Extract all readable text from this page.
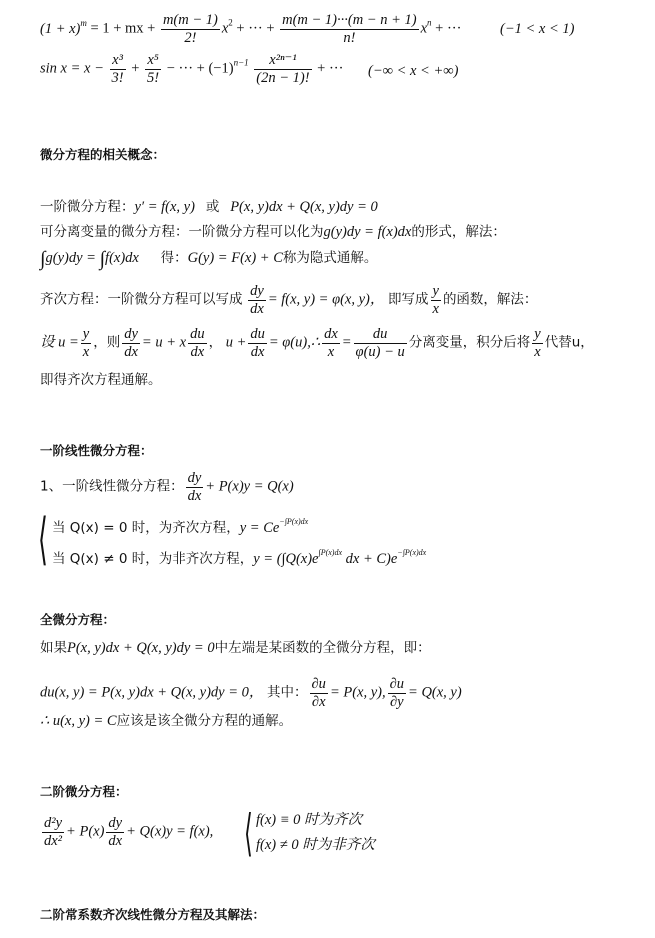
$(1 + x)^m = 1$ + mx + $\frac{m(m - 1)}{2!} x^2$ + ··· + $\frac{m(m - 1)\cdot\cdot\cdot(m - n + 1)}{n!} x^n$ + ···	(−1 < x < 1)
$\sin x = x - \frac{\text{x³}}{3!} + \frac{\text{x⁵}}{5!}$ − ··· + $(-1)^{n-1} \frac{\text{x²ⁿ⁻¹}}{(2n - 1)!}$ + ··· (−∞ < x < +∞)
微分方程的相关概念：
一阶微分方程：y′ = f(x, y) 或 P(x, y)dx + Q(x, y)dy = 0
可分离变量的微分方程：一阶微分方程可以化为g(y)dy = f(x)dx的形式，解法：
∫g(y)dy = ∫f(x)dx 得：G(y) = F(x) + C称为隐式通解。
齐次方程：一阶微分方程可以写成 $\frac{dy}{dx} = f(x$, y) = φ(x, y)， 即写成 $\frac{y}{x}$ 的函数，解法：
设 $u = \frac{y}{x}$ ，则 $\frac{dy}{dx} = u + x \frac{du}{dx}$ ， $u + \frac{du}{dx}$ = φ(u),∴ $\frac{dx}{x} = \frac{du}{\varphi(u) - u}$ 分离变量，积分后将 $\frac{y}{x}$ 代替u，
即得齐次方程通解。
一阶线性微分方程：
1、一阶线性微分方程： $\frac{dy}{dx} + P(x)y = Q(x)$
⟨ 当 Q(x) = 0 时，为齐次方程，$y = Ce^{-\int P(x)dx}$
当 Q(x) ≠ 0 时，为非齐次方程，$y = (\int Q(x)e^{\int P(x)dx}$ dx + $C)e^{-\int P(x)dx}$
全微分方程：
如果P(x, y)dx + Q(x, y)dy = 0中左端是某函数的全微分方程，即：
du(x, y) = P(x, y)dx + Q(x, y)dy = 0， 其中： $\frac{\partial u}{\partial x} = P(x$, y), $\frac{\partial u}{\partial y} = Q(x$, y)
∴ u(x, y) = C应该是该全微分方程的通解。
二阶微分方程：
$\frac{\text{d²y}}{\text{dx²}} + P(x) \frac{dy}{dx} + Q(x)y = f(x)$, ⟨ f(x) ≡ 0 时为齐次
f(x) ≠ 0 时为非齐次
二阶常系数齐次线性微分方程及其解法：
